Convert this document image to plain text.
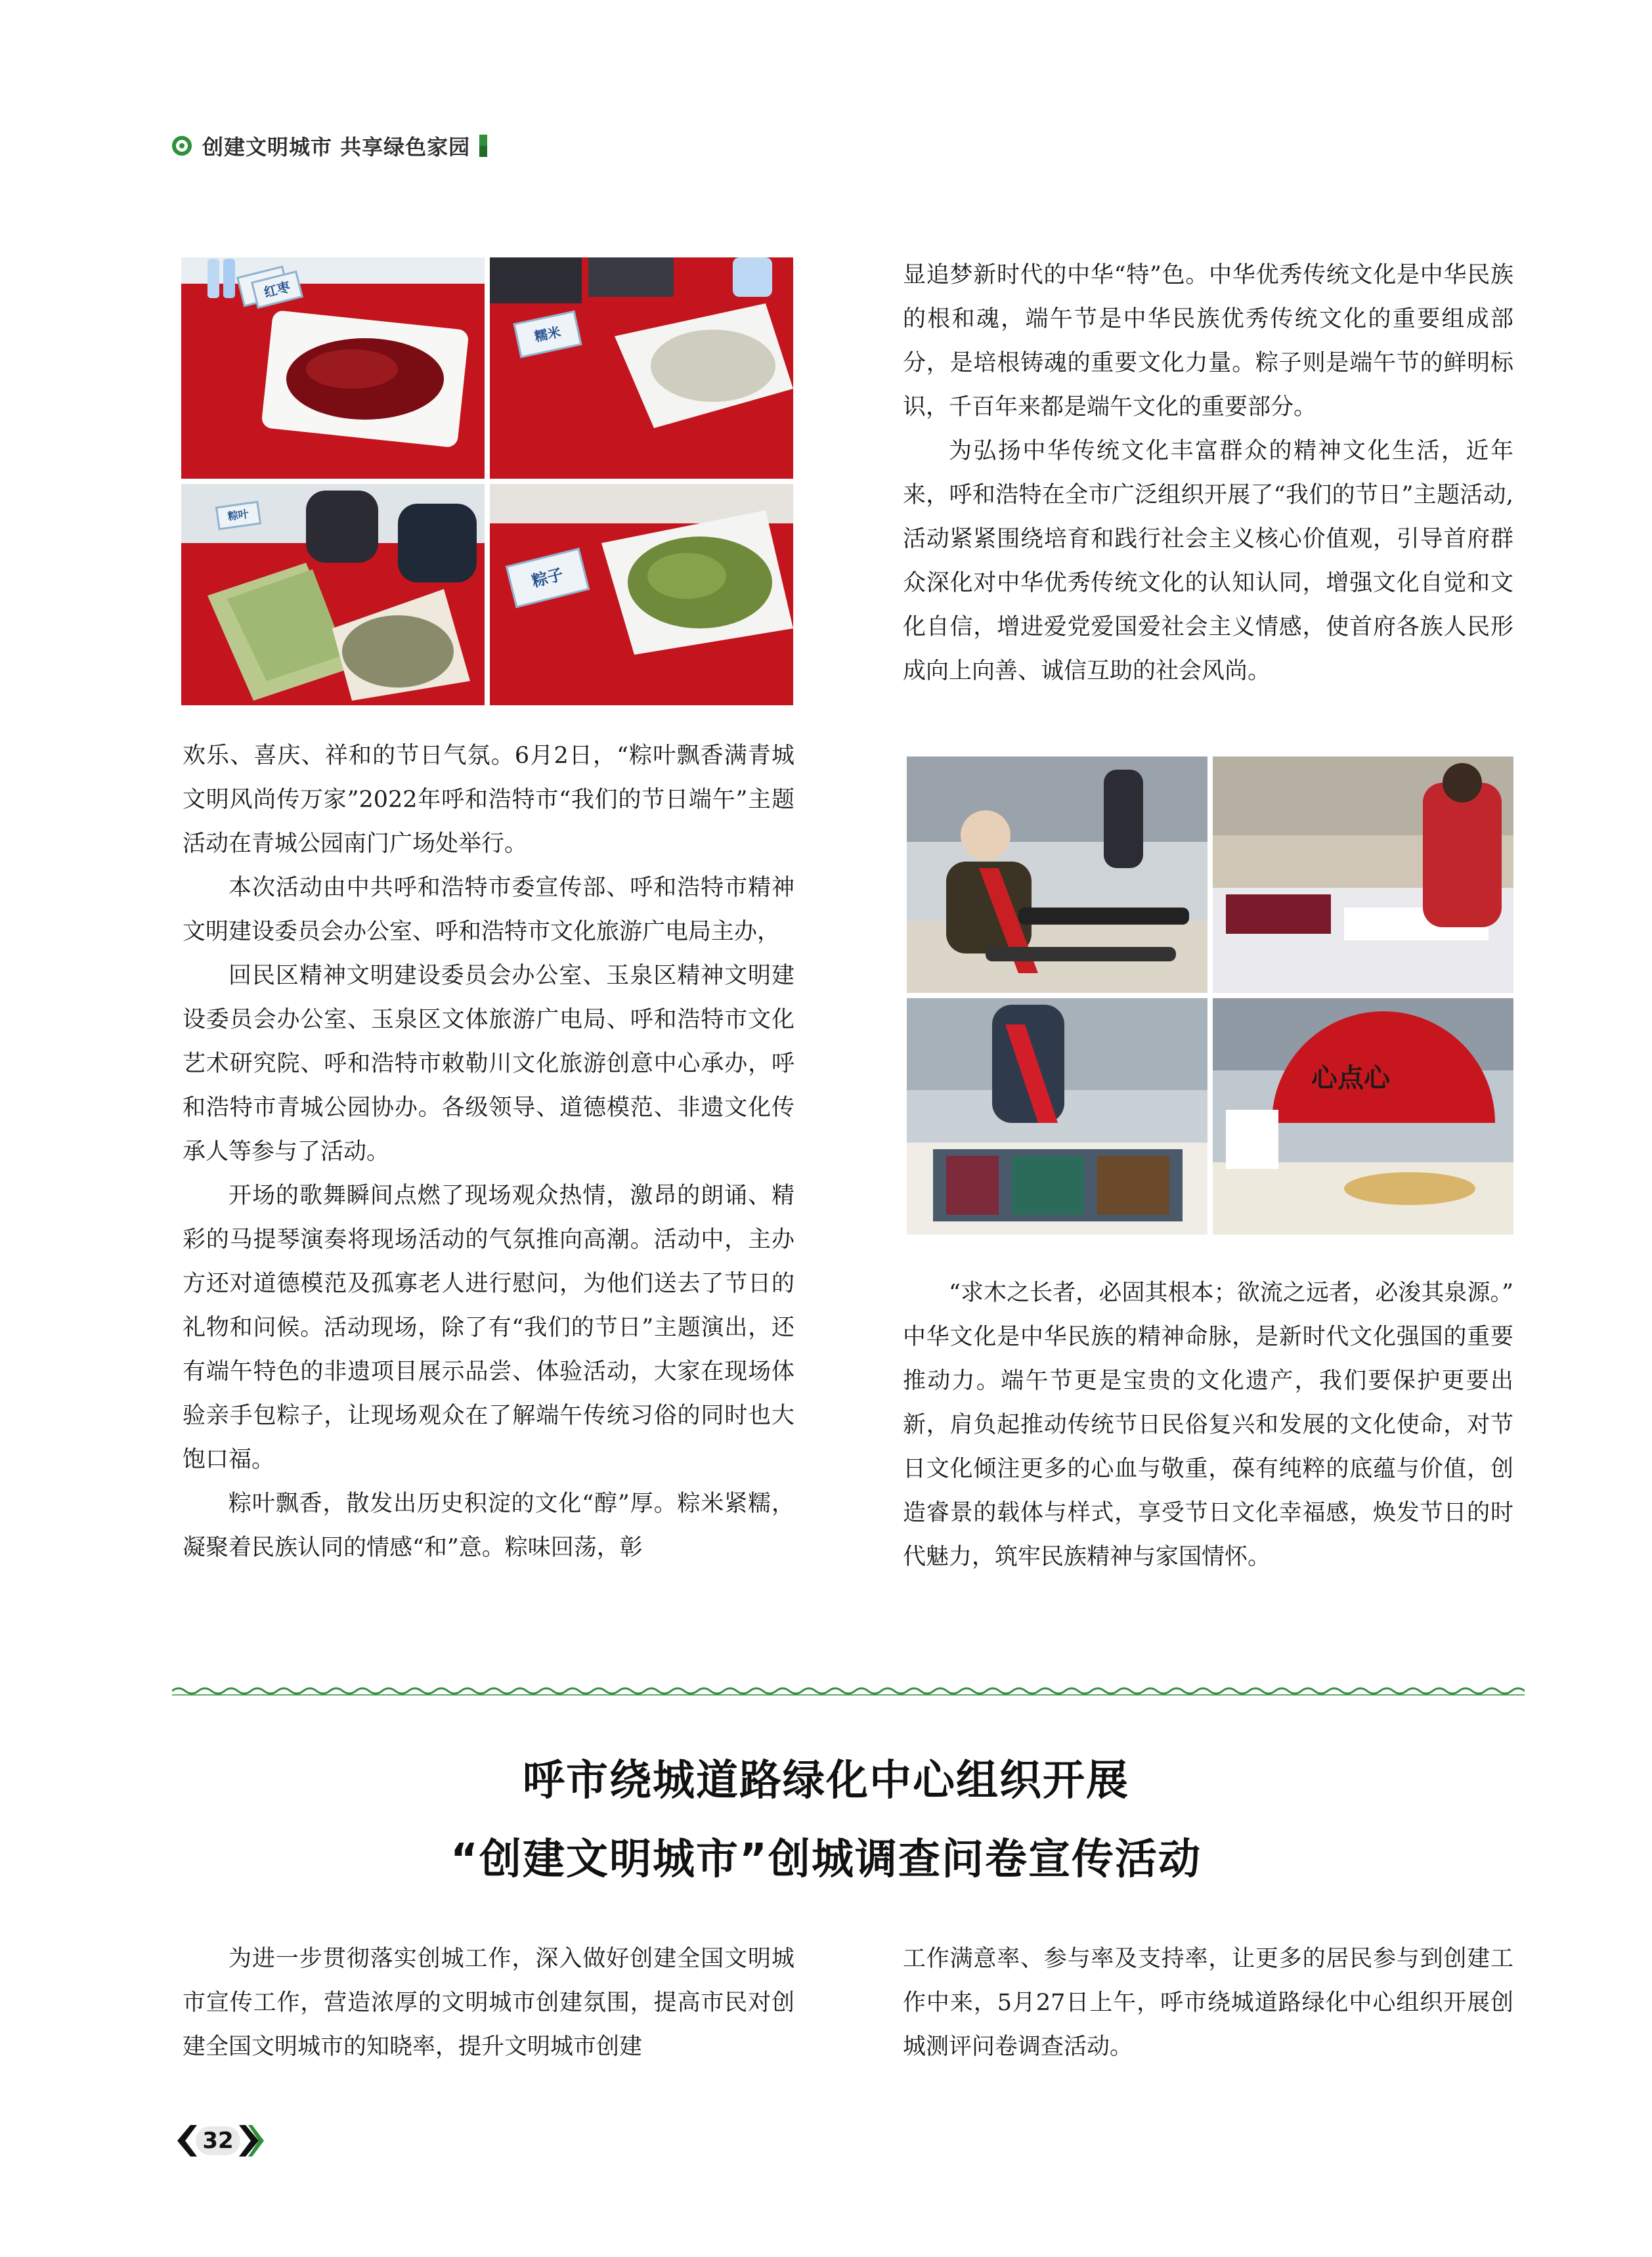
创建文明城市 共享绿色家园
红枣
糯米
粽叶
粽子

欢乐、喜庆、祥和的节日气氛。6月2日，“粽叶飘香满青城 文明风尚传万家”2022年呼和浩特市“我们的节日端午”主题活动在青城公园南门广场处举行。

本次活动由中共呼和浩特市委宣传部、呼和浩特市精神文明建设委员会办公室、呼和浩特市文化旅游广电局主办，

回民区精神文明建设委员会办公室、玉泉区精神文明建设委员会办公室、玉泉区文体旅游广电局、呼和浩特市文化艺术研究院、呼和浩特市敕勒川文化旅游创意中心承办，呼和浩特市青城公园协办。各级领导、道德模范、非遗文化传承人等参与了活动。

开场的歌舞瞬间点燃了现场观众热情，激昂的朗诵、精彩的马提琴演奏将现场活动的气氛推向高潮。活动中，主办方还对道德模范及孤寡老人进行慰问，为他们送去了节日的礼物和问候。活动现场，除了有“我们的节日”主题演出，还有端午特色的非遗项目展示品尝、体验活动，大家在现场体验亲手包粽子，让现场观众在了解端午传统习俗的同时也大饱口福。

粽叶飘香，散发出历史积淀的文化“醇”厚。粽米紧糯，凝聚着民族认同的情感“和”意。粽味回荡，彰

显追梦新时代的中华“特”色。中华优秀传统文化是中华民族的根和魂，端午节是中华民族优秀传统文化的重要组成部分，是培根铸魂的重要文化力量。粽子则是端午节的鲜明标识，千百年来都是端午文化的重要部分。

为弘扬中华传统文化丰富群众的精神文化生活，近年来，呼和浩特在全市广泛组织开展了“我们的节日”主题活动,活动紧紧围绕培育和践行社会主义核心价值观，引导首府群众深化对中华优秀传统文化的认知认同，增强文化自觉和文化自信，增进爱党爱国爱社会主义情感，使首府各族人民形成向上向善、诚信互助的社会风尚。

心点心

“求木之长者，必固其根本；欲流之远者，必浚其泉源。” 中华文化是中华民族的精神命脉，是新时代文化强国的重要推动力。端午节更是宝贵的文化遗产，我们要保护更要出新，肩负起推动传统节日民俗复兴和发展的文化使命，对节日文化倾注更多的心血与敬重，葆有纯粹的底蕴与价值，创造睿景的载体与样式，享受节日文化幸福感，焕发节日的时代魅力，筑牢民族精神与家国情怀。

呼市绕城道路绿化中心组织开展
“创建文明城市”创城调查问卷宣传活动

为进一步贯彻落实创城工作，深入做好创建全国文明城市宣传工作，营造浓厚的文明城市创建氛围，提高市民对创建全国文明城市的知晓率，提升文明城市创建

工作满意率、参与率及支持率，让更多的居民参与到创建工作中来，5月27日上午，呼市绕城道路绿化中心组织开展创城测评问卷调查活动。

32
